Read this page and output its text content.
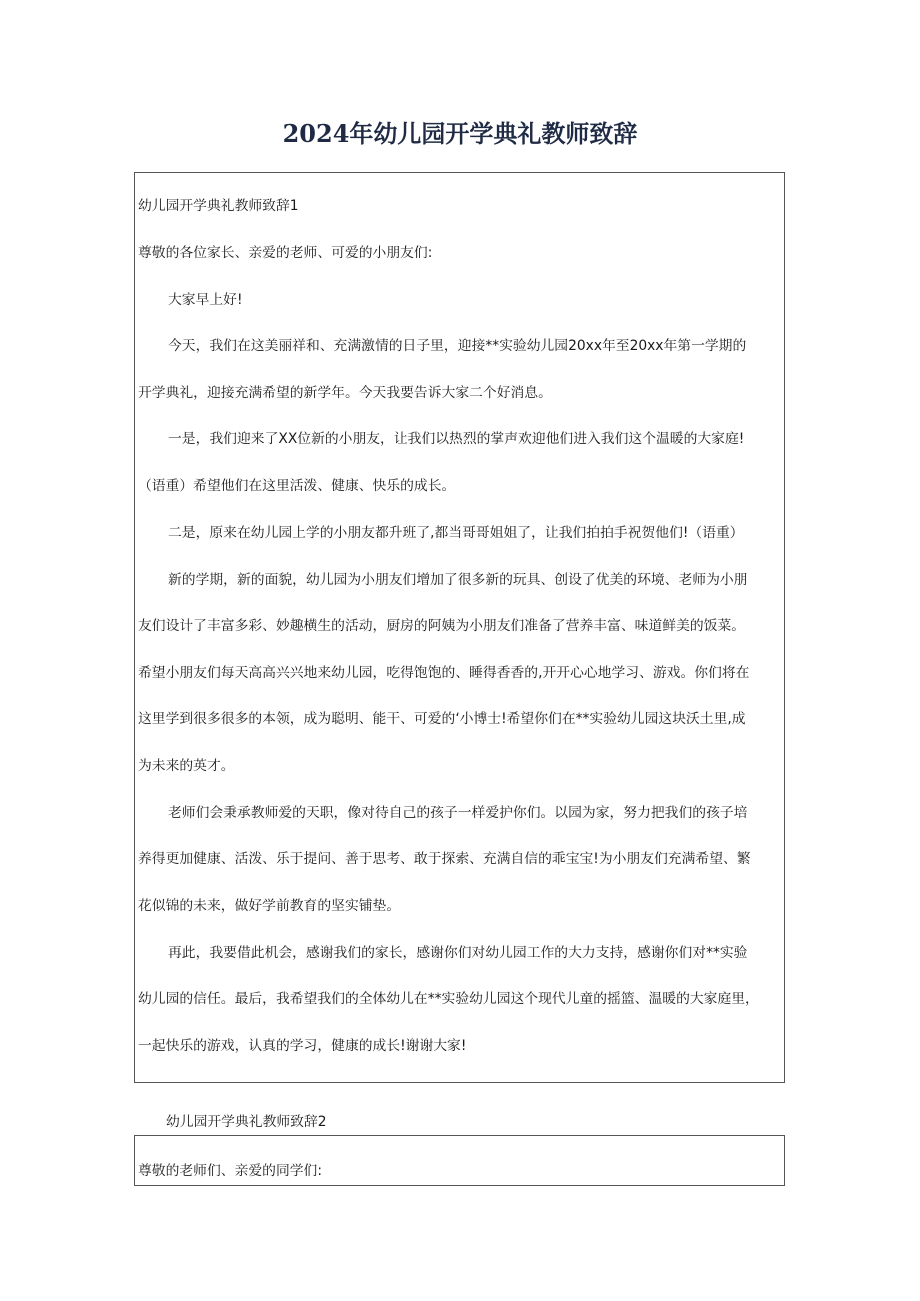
2024年幼儿园开学典礼教师致辞
幼儿园开学典礼教师致辞1
尊敬的各位家长、亲爱的老师、可爱的小朋友们:
大家早上好!
今天，我们在这美丽祥和、充满激情的日子里，迎接**实验幼儿园20xx年至20xx年第一学期的
开学典礼，迎接充满希望的新学年。今天我要告诉大家二个好消息。
一是，我们迎来了XX位新的小朋友，让我们以热烈的掌声欢迎他们进入我们这个温暖的大家庭!
（语重）希望他们在这里活泼、健康、快乐的成长。
二是，原来在幼儿园上学的小朋友都升班了,都当哥哥姐姐了，让我们拍拍手祝贺他们!（语重）
新的学期，新的面貌，幼儿园为小朋友们增加了很多新的玩具、创设了优美的环境、老师为小朋
友们设计了丰富多彩、妙趣横生的活动，厨房的阿姨为小朋友们准备了营养丰富、味道鲜美的饭菜。
希望小朋友们每天高高兴兴地来幼儿园，吃得饱饱的、睡得香香的,开开心心地学习、游戏。你们将在
这里学到很多很多的本领，成为聪明、能干、可爱的‘小博士!希望你们在**实验幼儿园这块沃土里,成
为未来的英才。
老师们会秉承教师爱的天职，像对待自己的孩子一样爱护你们。以园为家，努力把我们的孩子培
养得更加健康、活泼、乐于提问、善于思考、敢于探索、充满自信的乖宝宝!为小朋友们充满希望、繁
花似锦的未来，做好学前教育的坚实铺垫。
再此，我要借此机会，感谢我们的家长，感谢你们对幼儿园工作的大力支持，感谢你们对**实验
幼儿园的信任。最后，我希望我们的全体幼儿在**实验幼儿园这个现代儿童的摇篮、温暖的大家庭里，
一起快乐的游戏，认真的学习，健康的成长!谢谢大家!
幼儿园开学典礼教师致辞2
尊敬的老师们、亲爱的同学们:
